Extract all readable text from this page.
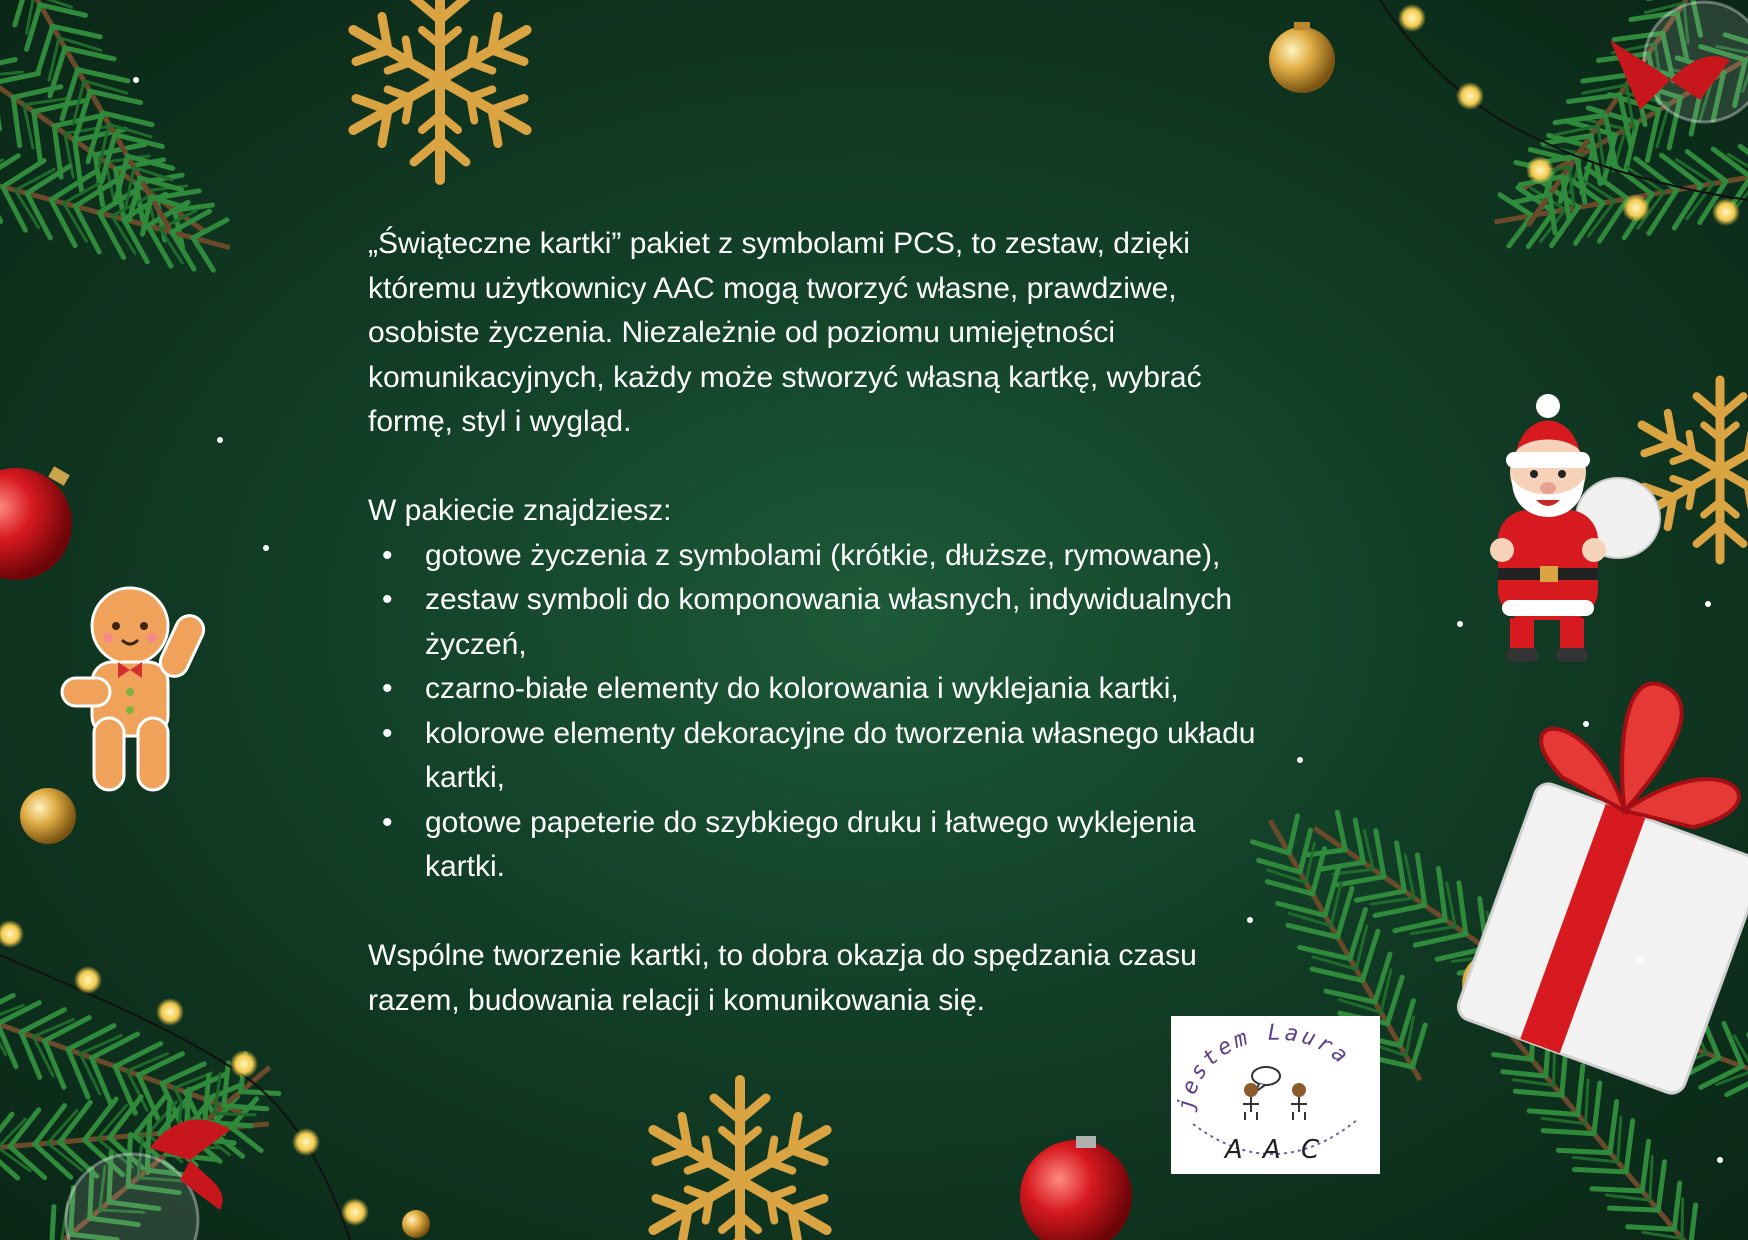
„Świąteczne kartki” pakiet z symbolami PCS, to zestaw, dzięki
któremu użytkownicy AAC mogą tworzyć własne, prawdziwe,
osobiste życzenia. Niezależnie od poziomu umiejętności
komunikacyjnych, każdy może stworzyć własną kartkę, wybrać
formę, styl i wygląd.

W pakiecie znajdziesz:

• gotowe życzenia z symbolami (krótkie, dłuższe, rymowane),
• zestaw symboli do komponowania własnych, indywidualnych
życzeń,
• czarno-białe elementy do kolorowania i wyklejania kartki,
• kolorowe elementy dekoracyjne do tworzenia własnego układu
kartki,
• gotowe papeterie do szybkiego druku i łatwego wyklejenia
kartki.

Wspólne tworzenie kartki, to dobra okazja do spędzania czasu
razem, budowania relacji i komunikowania się.

jestem Laura
A A C
